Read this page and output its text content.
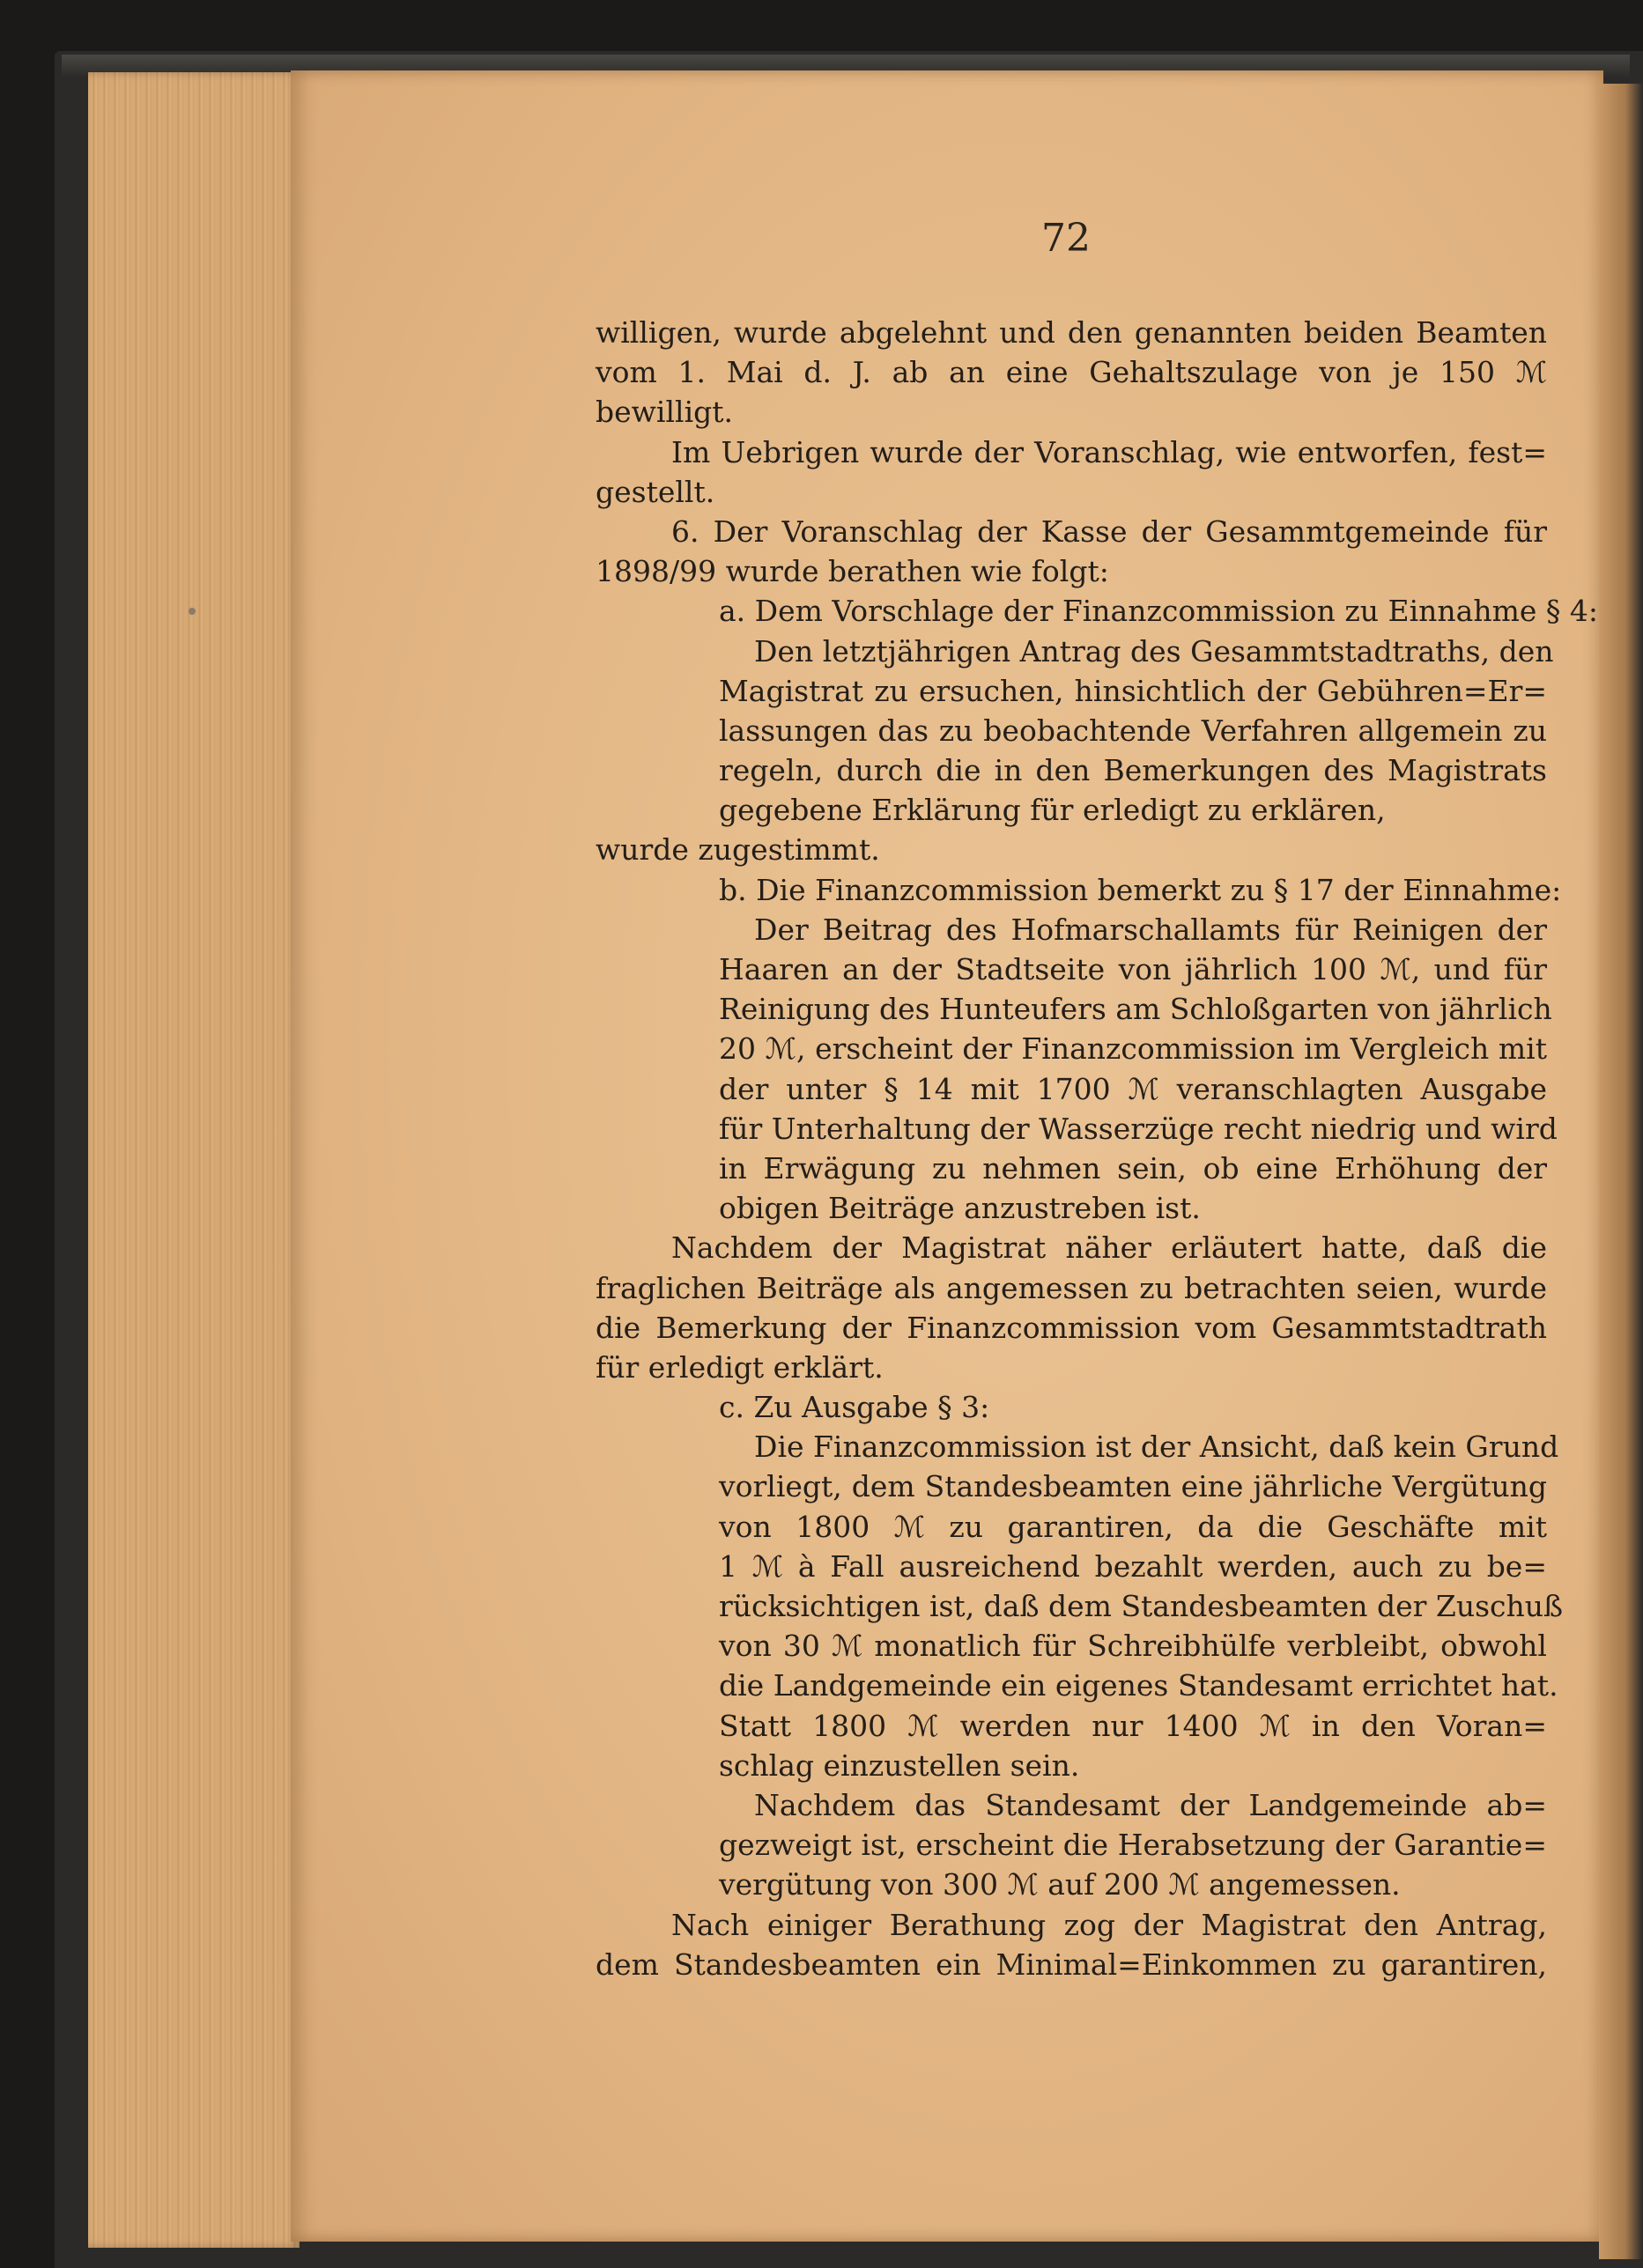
72
willigen, wurde abgelehnt und den genannten beiden Beamten
vom 1. Mai d. J. ab an eine Gehaltszulage von je 150 ℳ
bewilligt.
Im Uebrigen wurde der Voranschlag, wie entworfen, fest=
gestellt.
6. Der Voranschlag der Kasse der Gesammtgemeinde für
1898/99 wurde berathen wie folgt:
a. Dem Vorschlage der Finanzcommission zu Einnahme § 4:
Den letztjährigen Antrag des Gesammtstadtraths, den
Magistrat zu ersuchen, hinsichtlich der Gebühren=Er=
lassungen das zu beobachtende Verfahren allgemein zu
regeln, durch die in den Bemerkungen des Magistrats
gegebene Erklärung für erledigt zu erklären,
wurde zugestimmt.
b. Die Finanzcommission bemerkt zu § 17 der Einnahme:
Der Beitrag des Hofmarschallamts für Reinigen der
Haaren an der Stadtseite von jährlich 100 ℳ, und für
Reinigung des Hunteufers am Schloßgarten von jährlich
20 ℳ, erscheint der Finanzcommission im Vergleich mit
der unter § 14 mit 1700 ℳ veranschlagten Ausgabe
für Unterhaltung der Wasserzüge recht niedrig und wird
in Erwägung zu nehmen sein, ob eine Erhöhung der
obigen Beiträge anzustreben ist.
Nachdem der Magistrat näher erläutert hatte, daß die
fraglichen Beiträge als angemessen zu betrachten seien, wurde
die Bemerkung der Finanzcommission vom Gesammtstadtrath
für erledigt erklärt.
c. Zu Ausgabe § 3:
Die Finanzcommission ist der Ansicht, daß kein Grund
vorliegt, dem Standesbeamten eine jährliche Vergütung
von 1800 ℳ zu garantiren, da die Geschäfte mit
1 ℳ à Fall ausreichend bezahlt werden, auch zu be=
rücksichtigen ist, daß dem Standesbeamten der Zuschuß
von 30 ℳ monatlich für Schreibhülfe verbleibt, obwohl
die Landgemeinde ein eigenes Standesamt errichtet hat.
Statt 1800 ℳ werden nur 1400 ℳ in den Voran=
schlag einzustellen sein.
Nachdem das Standesamt der Landgemeinde ab=
gezweigt ist, erscheint die Herabsetzung der Garantie=
vergütung von 300 ℳ auf 200 ℳ angemessen.
Nach einiger Berathung zog der Magistrat den Antrag,
dem Standesbeamten ein Minimal=Einkommen zu garantiren,
